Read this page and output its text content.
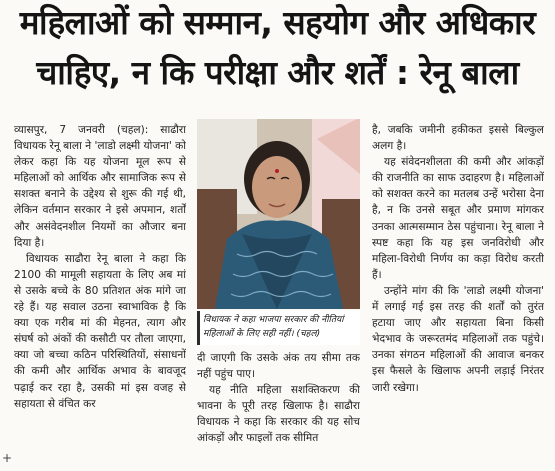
महिलाओं को सम्मान, सहयोग और अधिकार
चाहिए, न कि परीक्षा और शर्तें : रेनू बाला

व्यासपुर, 7 जनवरी (चहल): साढौरा विधायक रेनू बाला ने 'लाडो लक्ष्मी योजना' को लेकर कहा कि यह योजना मूल रूप से महिलाओं को आर्थिक और सामाजिक रूप से सशक्त बनाने के उद्देश्य से शुरू की गई थी, लेकिन वर्तमान सरकार ने इसे अपमान, शर्तों और असंवेदनशील नियमों का औजार बना दिया है।

विधायक साढौरा रेनू बाला ने कहा कि 2100 की मामूली सहायता के लिए अब मां से उसके बच्चे के 80 प्रतिशत अंक मांगे जा रहे हैं। यह सवाल उठना स्वाभाविक है कि क्या एक गरीब मां की मेहनत, त्याग और संघर्ष को अंकों की कसौटी पर तौला जाएगा, क्या जो बच्चा कठिन परिस्थितियों, संसाधनों की कमी और आर्थिक अभाव के बावजूद पढ़ाई कर रहा है, उसकी मां इस वजह से सहायता से वंचित कर

विधायक ने कहा भाजपा सरकार की नीतियां महिलाओं के लिए सही नहीं। (चहल)

दी जाएगी कि उसके अंक तय सीमा तक नहीं पहुंच पाए।

यह नीति महिला सशक्तिकरण की भावना के पूरी तरह खिलाफ है। साढौरा विधायक ने कहा कि सरकार की यह सोच आंकड़ों और फाइलों तक सीमित

है, जबकि जमीनी हकीकत इससे बिल्कुल अलग है।

यह संवेदनशीलता की कमी और आंकड़ों की राजनीति का साफ उदाहरण है। महिलाओं को सशक्त करने का मतलब उन्हें भरोसा देना है, न कि उनसे सबूत और प्रमाण मांगकर उनका आत्मसम्मान ठेस पहुंचाना। रेनू बाला ने स्पष्ट कहा कि यह इस जनविरोधी और महिला-विरोधी निर्णय का कड़ा विरोध करती हैं।

उन्होंने मांग की कि 'लाडो लक्ष्मी योजना' में लगाई गई इस तरह की शर्तों को तुरंत हटाया जाए और सहायता बिना किसी भेदभाव के जरूरतमंद महिलाओं तक पहुंचे। उनका संगठन महिलाओं की आवाज बनकर इस फैसले के खिलाफ अपनी लड़ाई निरंतर जारी रखेगा।

+
